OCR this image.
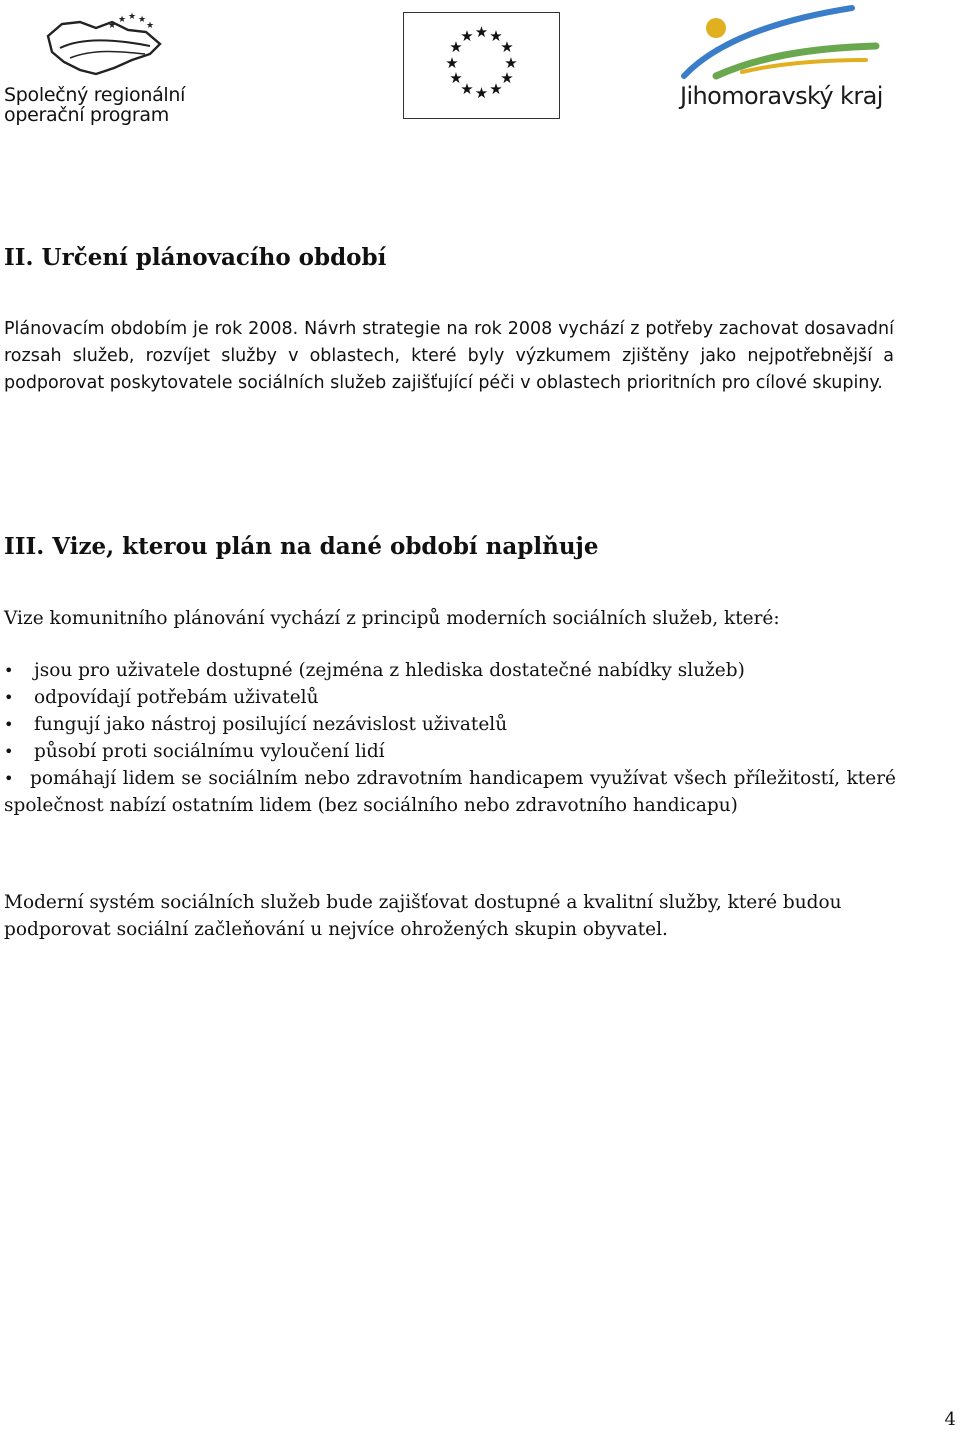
★ ★ ★
★
★
Společný regionální
operační program
★ ★
★
★
★
★
★
★
★
★
★
★
Jihomoravský kraj
II. Určení plánovacího období

Plánovacím obdobím je rok 2008. Návrh strategie na rok 2008 vychází z potřeby zachovat dosavadní rozsah služeb, rozvíjet služby v oblastech, které byly výzkumem zjištěny jako nejpotřebnější a podporovat poskytovatele sociálních služeb zajišťující péči v oblastech prioritních pro cílové skupiny.

III. Vize, kterou plán na dané období naplňuje

Vize komunitního plánování vychází z principů moderních sociálních služeb, které:

• jsou pro uživatele dostupné (zejména z hlediska dostatečné nabídky služeb)
• odpovídají potřebám uživatelů
• fungují jako nástroj posilující nezávislost uživatelů
• působí proti sociálnímu vyloučení lidí
• pomáhají lidem se sociálním nebo zdravotním handicapem využívat všech příležitostí, které společnost nabízí ostatním lidem (bez sociálního nebo zdravotního handicapu)

Moderní systém sociálních služeb bude zajišťovat dostupné a kvalitní služby, které budou podporovat sociální začleňování u nejvíce ohrožených skupin obyvatel.

4
